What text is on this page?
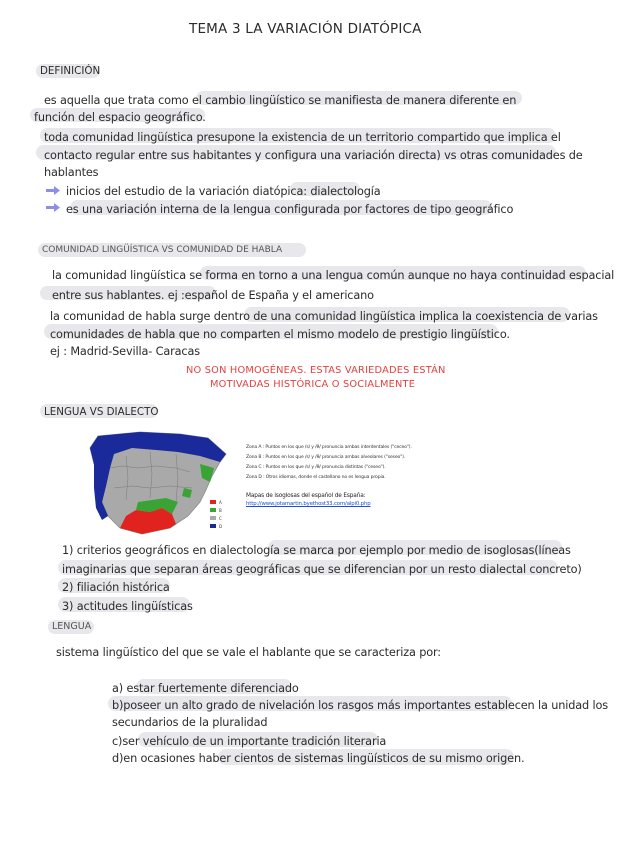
TEMA 3 LA VARIACIÓN DIATÓPICA
DEFINICIÓN
es aquella que trata como el cambio lingüístico se manifiesta de manera diferente en
función del espacio geográfico.
toda comunidad lingüística presupone la existencia de un territorio compartido que implica el
contacto regular entre sus habitantes y configura una variación directa) vs otras comunidades de
hablantes
inicios del estudio de la variación diatópica: dialectología
es una variación interna de la lengua configurada por factores de tipo geográfico
COMUNIDAD LINGÜÍSTICA VS COMUNIDAD DE HABLA
la comunidad lingüística se forma en torno a una lengua común aunque no haya continuidad espacial
entre sus hablantes. ej :español de España y el americano
la comunidad de habla surge dentro de una comunidad lingüística implica la coexistencia de varias
comunidades de habla que no comparten el mismo modelo de prestigio lingüístico.
ej : Madrid-Sevilla- Caracas
NO SON HOMOGÉNEAS. ESTAS VARIEDADES ESTÁN
MOTIVADAS HISTÓRICA O SOCIALMENTE
LENGUA VS DIALECTO
A
B
C
D
Zona A : Puntos en los que /s/ y /θ/ pronuncia ambas interdentales ("ceceo").
Zona B : Puntos en los que /s/ y /θ/ pronuncia ambas alveolares ("seseo").
Zona C : Puntos en los que /s/ y /θ/ pronuncia distintas ("ceseo").
Zona D : Otros idiomas, donde el castellano no es lengua propia.
Mapas de isoglosas del español de España:
http://www.jotamartin.byethost33.com/alpi0.php
1) criterios geográficos en dialectología se marca por ejemplo por medio de isoglosas(líneas
imaginarias que separan áreas geográficas que se diferencian por un resto dialectal concreto)
2) filiación histórica
3) actitudes lingüísticas
LENGUA
sistema lingüístico del que se vale el hablante que se caracteriza por:
a) estar fuertemente diferenciado
b)poseer un alto grado de nivelación los rasgos más importantes establecen la unidad los
secundarios de la pluralidad
c)ser vehículo de un importante tradición literaria
d)en ocasiones haber cientos de sistemas lingüísticos de su mismo origen.
